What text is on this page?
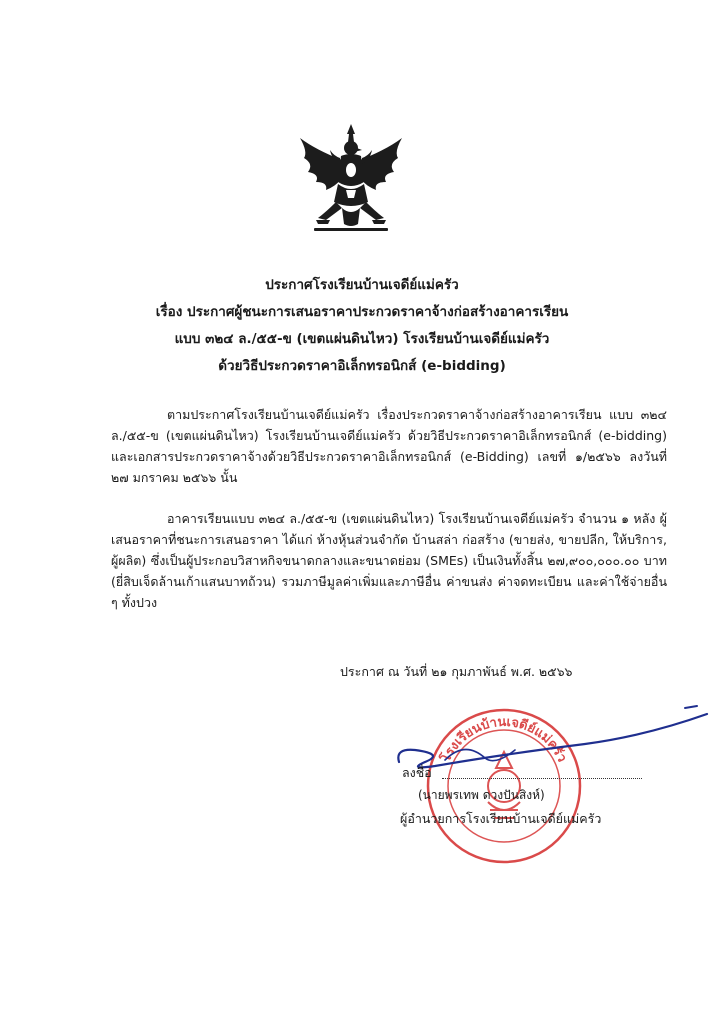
ประกาศโรงเรียนบ้านเจดีย์แม่ครัว
เรื่อง ประกาศผู้ชนะการเสนอราคาประกวดราคาจ้างก่อสร้างอาคารเรียน
แบบ ๓๒๔ ล./๕๕-ข (เขตแผ่นดินไหว) โรงเรียนบ้านเจดีย์แม่ครัว
ด้วยวิธีประกวดราคาอิเล็กทรอนิกส์ (e-bidding)
ตามประกาศโรงเรียนบ้านเจดีย์แม่ครัว เรื่องประกวดราคาจ้างก่อสร้างอาคารเรียน แบบ ๓๒๔ ล./๕๕-ข (เขตแผ่นดินไหว) โรงเรียนบ้านเจดีย์แม่ครัว ด้วยวิธีประกวดราคาอิเล็กทรอนิกส์ (e-bidding) และเอกสารประกวดราคาจ้างด้วยวิธีประกวดราคาอิเล็กทรอนิกส์ (e-Bidding) เลขที่ ๑/๒๕๖๖ ลงวันที่ ๒๗ มกราคม ๒๕๖๖ นั้น
อาคารเรียนแบบ ๓๒๔ ล./๕๕-ข (เขตแผ่นดินไหว) โรงเรียนบ้านเจดีย์แม่ครัว จำนวน ๑ หลัง ผู้เสนอราคาที่ชนะการเสนอราคา ได้แก่ ห้างหุ้นส่วนจำกัด บ้านสล่า ก่อสร้าง (ขายส่ง, ขายปลีก, ให้บริการ, ผู้ผลิต) ซึ่งเป็นผู้ประกอบวิสาหกิจขนาดกลางและขนาดย่อม (SMEs) เป็นเงินทั้งสิ้น ๒๗,๙๐๐,๐๐๐.๐๐ บาท (ยี่สิบเจ็ดล้านเก้าแสนบาทถ้วน) รวมภาษีมูลค่าเพิ่มและภาษีอื่น ค่าขนส่ง ค่าจดทะเบียน และค่าใช้จ่ายอื่น ๆ ทั้งปวง
ประกาศ ณ วันที่ ๒๑ กุมภาพันธ์ พ.ศ. ๒๕๖๖
โรงเรียนบ้านเจดีย์แม่ครัว
ลงชื่อ
(นายพรเทพ ดวงปันสิงห์)
ผู้อำนวยการโรงเรียนบ้านเจดีย์แม่ครัว
